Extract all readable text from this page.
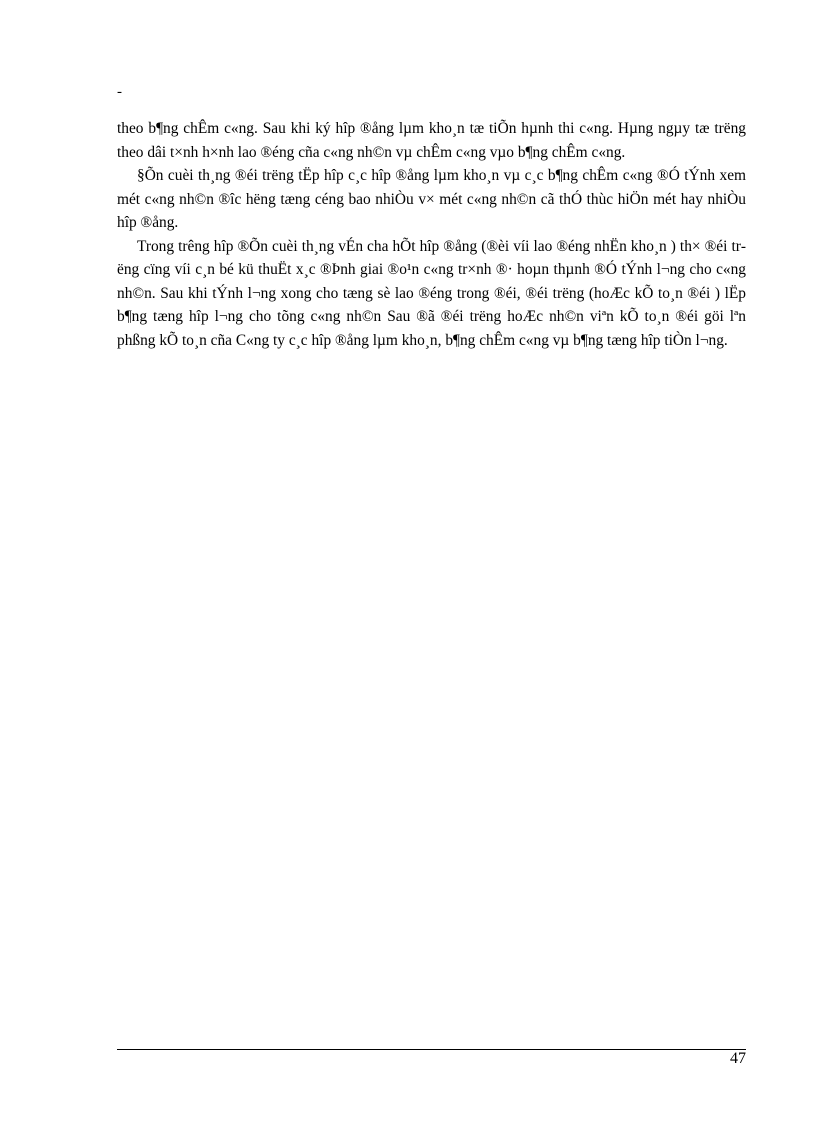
-

theo b¶ng chÊm c«ng. Sau khi ký hîp ®ång lµm kho¸n tæ tiÕn hµnh thi c«ng. Hµng ngµy tæ trëng theo dâi t×nh h×nh lao ®éng cña c«ng nh©n vµ chÊm c«ng vµo b¶ng chÊm c«ng.

§Õn cuèi th¸ng ®éi trëng tËp hîp c¸c hîp ®ång lµm kho¸n vµ c¸c b¶ng chÊm c«ng ®Ó tÝnh xem mét c«ng nh©n ®îc hëng tæng céng bao nhiÒu v× mét c«ng nh©n cã thÓ thùc hiÖn mét hay nhiÒu hîp ®ång.

Trong trêng hîp ®Õn cuèi th¸ng vÉn cha hÕt hîp ®ång (®èi víi lao ®éng nhËn kho¸n ) th× ®éi trëng cïng víi c¸n bé kü thuËt x¸c ®Þnh giai ®o¹n c«ng tr×nh ®· hoµn thµnh ®Ó tÝnh l¬ng cho c«ng nh©n. Sau khi tÝnh l¬ng xong cho tæng sè lao ®éng trong ®éi, ®éi trëng (hoÆc kÕ to¸n ®éi ) lËp b¶ng tæng hîp l¬ng cho tõng c«ng nh©n Sau ®ã ®éi trëng hoÆc nh©n viªn kÕ to¸n ®éi göi lªn phßng kÕ to¸n cña C«ng ty c¸c hîp ®ång lµm kho¸n, b¶ng chÊm c«ng vµ b¶ng tæng hîp tiÒn l¬ng.

47
